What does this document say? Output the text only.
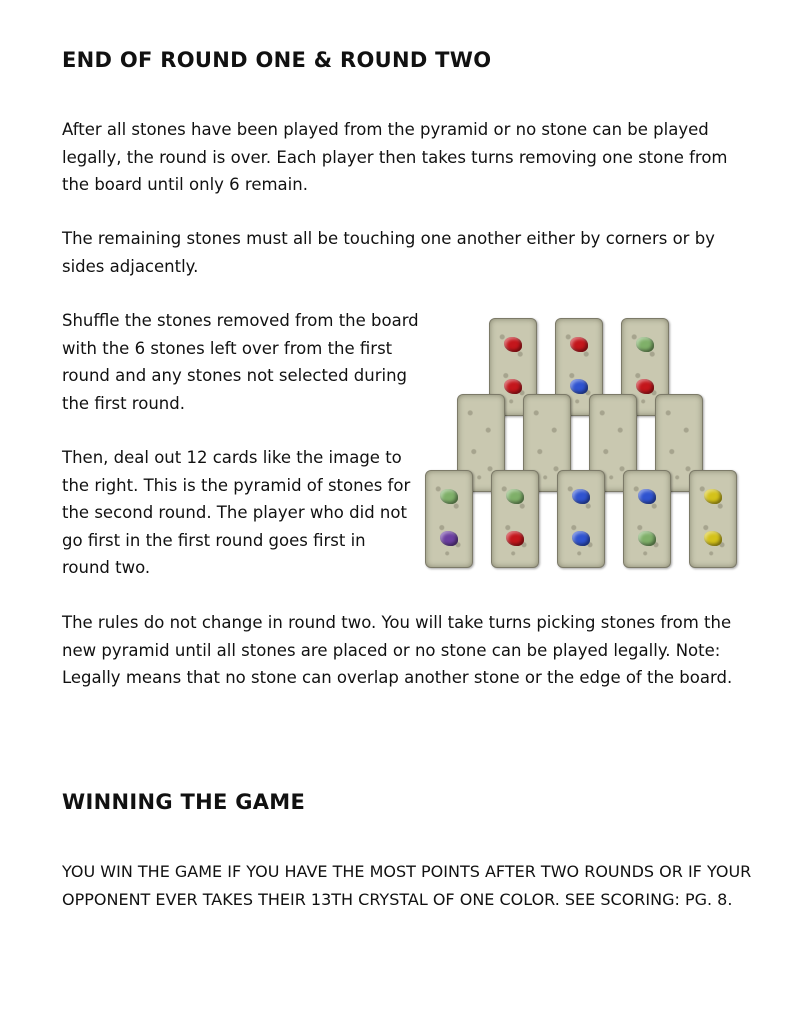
END OF ROUND ONE & ROUND TWO

After all stones have been played from the pyramid or no stone can be played legally, the round is over. Each player then takes turns removing one stone from the board until only 6 remain.

The remaining stones must all be touching one another either by corners or by sides adjacently.

Shuffle the stones removed from the board with the 6 stones left over from the first round and any stones not selected during the first round.

Then, deal out 12 cards like the image to the right. This is the pyramid of stones for the second round. The player who did not go first in the first round goes first in round two.

The rules do not change in round two. You will take turns picking stones from the new pyramid until all stones are placed or no stone can be played legally. Note: Legally means that no stone can overlap another stone or the edge of the board.

WINNING THE GAME

YOU WIN THE GAME IF YOU HAVE THE MOST POINTS AFTER TWO ROUNDS OR IF YOUR OPPONENT EVER TAKES THEIR 13TH CRYSTAL OF ONE COLOR. SEE SCORING: PG. 8.
